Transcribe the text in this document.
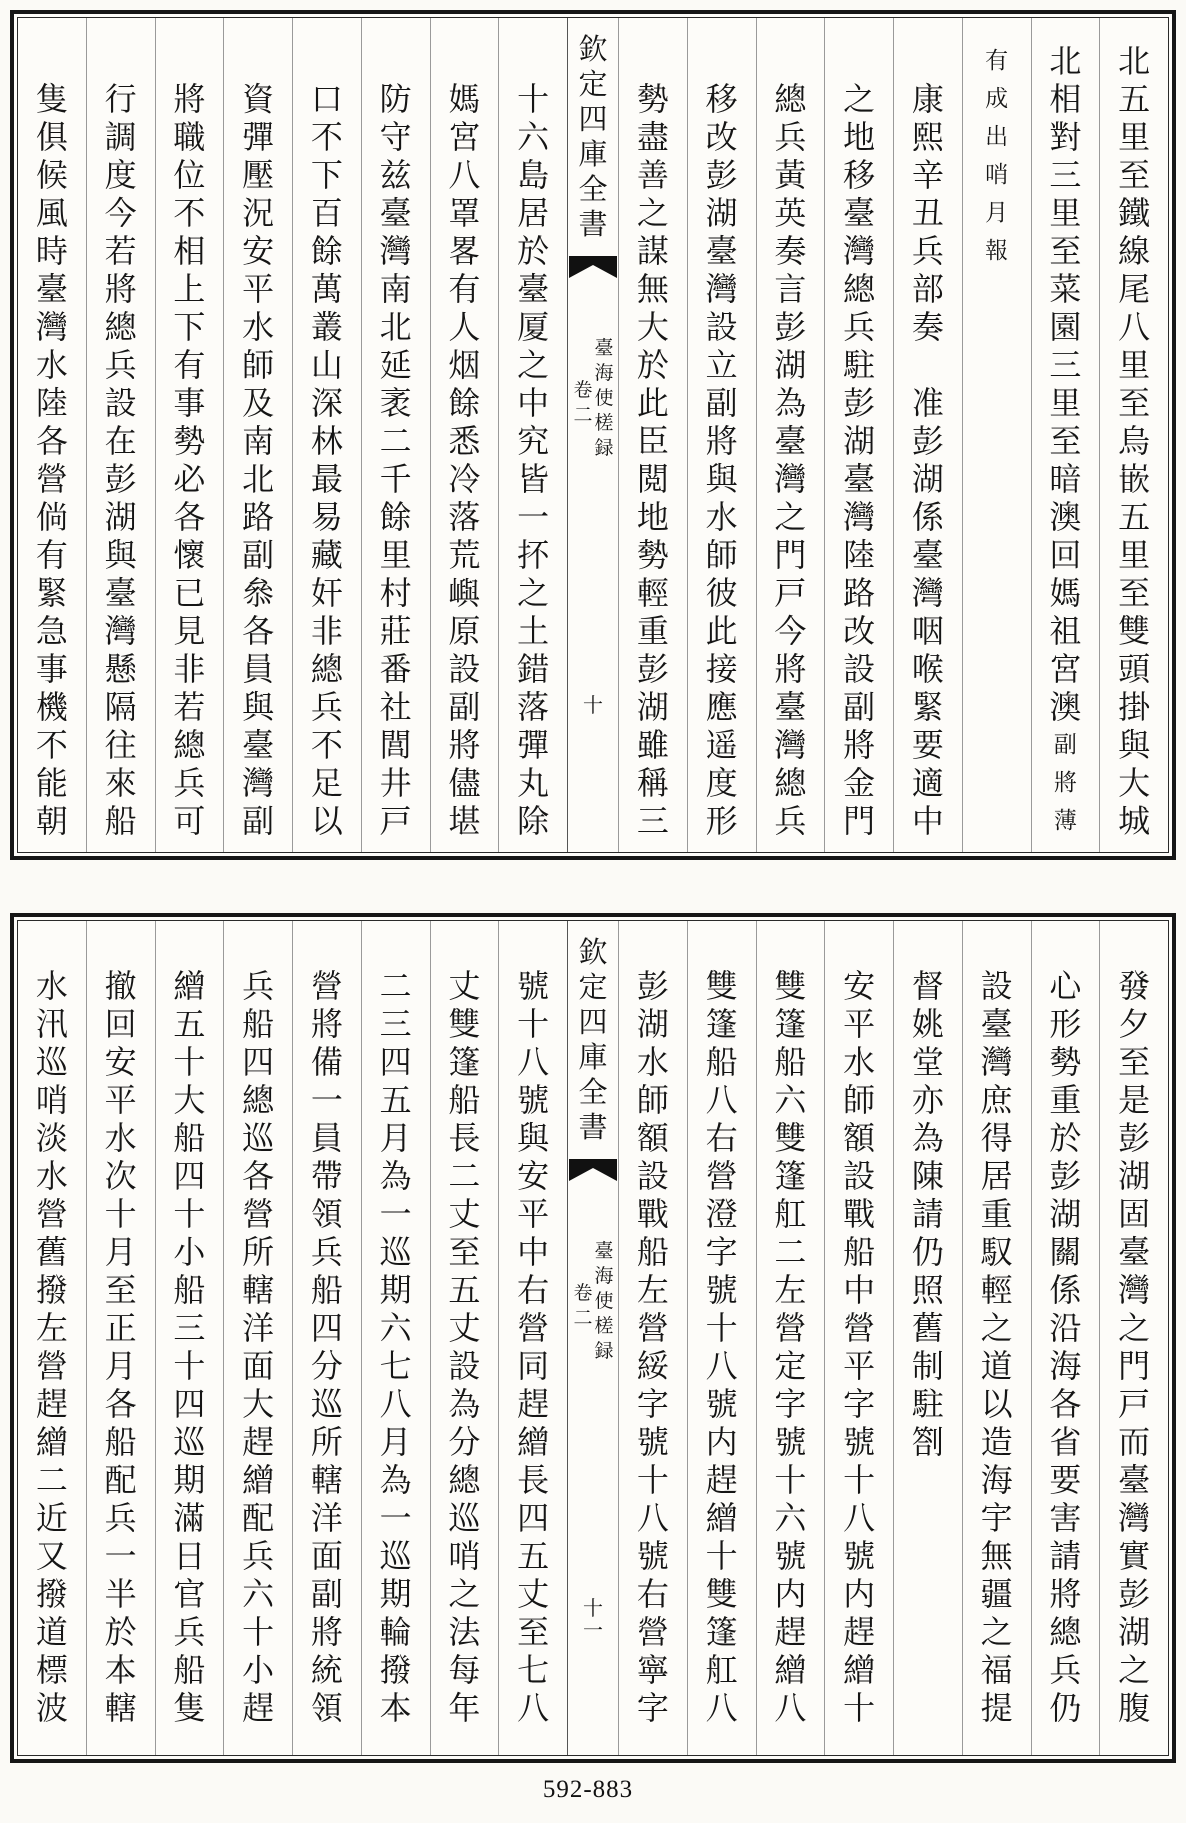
北
五
里
至
鐵
線
尾
八
里
至
烏
嵌
五
里
至
雙
頭
掛
與
大
城
北
相
對
三
里
至
菜
園
三
里
至
暗
澳
回
媽
祖
宮
澳
副
將
薄
有
成
出
哨
月
報
康
熙
辛
丑
兵
部
奏
准
彭
湖
係
臺
灣
咽
喉
緊
要
適
中
之
地
移
臺
灣
總
兵
駐
彭
湖
臺
灣
陸
路
改
設
副
將
金
門
總
兵
黃
英
奏
言
彭
湖
為
臺
灣
之
門
戸
今
將
臺
灣
總
兵
移
改
彭
湖
臺
灣
設
立
副
將
與
水
師
彼
此
接
應
遥
度
形
勢
盡
善
之
謀
無
大
於
此
臣
閲
地
勢
輕
重
彭
湖
雖
稱
三
欽
定
四
庫
全
書
臺
海
使
槎
録
卷
二
十
十
六
島
居
於
臺
厦
之
中
究
皆
一
抔
之
土
錯
落
彈
丸
除
媽
宮
八
罩
畧
有
人
烟
餘
悉
冷
落
荒
嶼
原
設
副
將
儘
堪
防
守
兹
臺
灣
南
北
延
袤
二
千
餘
里
村
莊
番
社
閭
井
戸
口
不
下
百
餘
萬
叢
山
深
林
最
易
藏
奸
非
總
兵
不
足
以
資
彈
壓
況
安
平
水
師
及
南
北
路
副
叅
各
員
與
臺
灣
副
將
職
位
不
相
上
下
有
事
勢
必
各
懷
已
見
非
若
總
兵
可
行
調
度
今
若
將
總
兵
設
在
彭
湖
與
臺
灣
懸
隔
往
來
船
隻
俱
候
風
時
臺
灣
水
陸
各
營
倘
有
緊
急
事
機
不
能
朝
發
夕
至
是
彭
湖
固
臺
灣
之
門
戸
而
臺
灣
實
彭
湖
之
腹
心
形
勢
重
於
彭
湖
關
係
沿
海
各
省
要
害
請
將
總
兵
仍
設
臺
灣
庶
得
居
重
馭
輕
之
道
以
造
海
宇
無
疆
之
福
提
督
姚
堂
亦
為
陳
請
仍
照
舊
制
駐
劄
安
平
水
師
額
設
戰
船
中
營
平
字
號
十
八
號
内
趕
繒
十
雙
篷
船
六
雙
篷
舡
二
左
營
定
字
號
十
六
號
内
趕
繒
八
雙
篷
船
八
右
營
澄
字
號
十
八
號
内
趕
繒
十
雙
篷
舡
八
彭
湖
水
師
額
設
戰
船
左
營
綏
字
號
十
八
號
右
營
寧
字
欽
定
四
庫
全
書
臺
海
使
槎
録
卷
二
十
一
號
十
八
號
與
安
平
中
右
營
同
趕
繒
長
四
五
丈
至
七
八
丈
雙
篷
船
長
二
丈
至
五
丈
設
為
分
總
巡
哨
之
法
每
年
二
三
四
五
月
為
一
巡
期
六
七
八
月
為
一
巡
期
輪
撥
本
營
將
備
一
員
帶
領
兵
船
四
分
巡
所
轄
洋
面
副
將
統
領
兵
船
四
總
巡
各
營
所
轄
洋
面
大
趕
繒
配
兵
六
十
小
趕
繒
五
十
大
船
四
十
小
船
三
十
四
巡
期
滿
日
官
兵
船
隻
撤
回
安
平
水
次
十
月
至
正
月
各
船
配
兵
一
半
於
本
轄
水
汛
巡
哨
淡
水
營
舊
撥
左
營
趕
繒
二
近
又
撥
道
標
波
592-883
